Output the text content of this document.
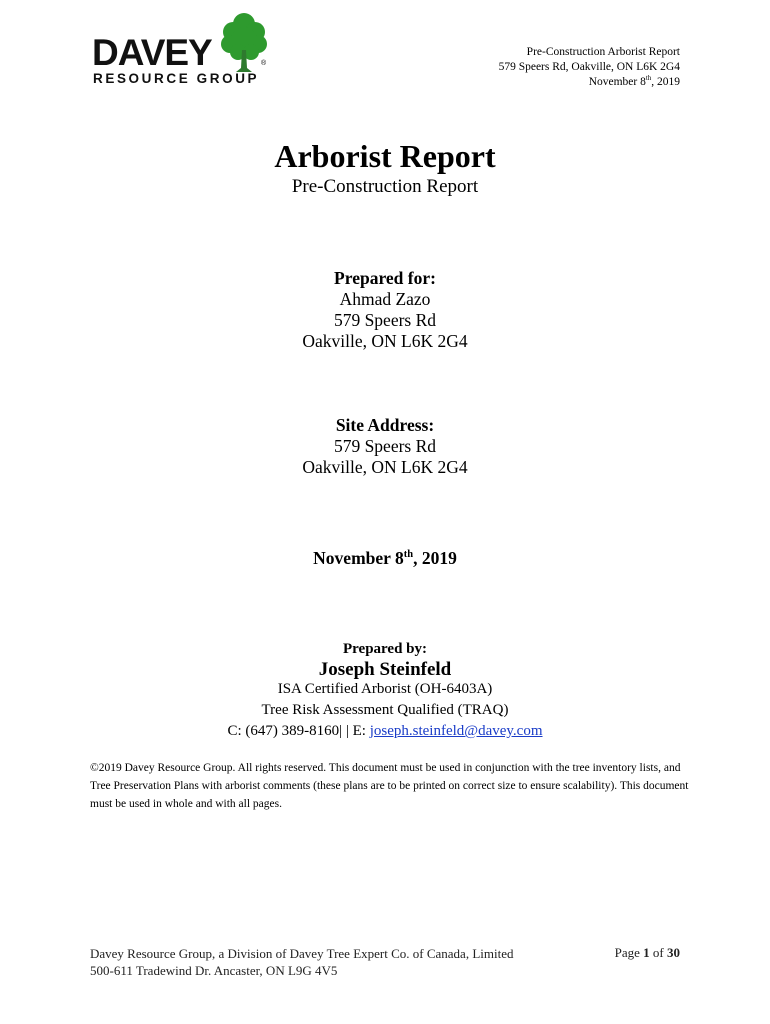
DAVEY	®
RESOURCE GROUP
Pre-Construction Arborist Report
579 Speers Rd, Oakville, ON L6K 2G4
November 8th, 2019
Arborist Report
Pre-Construction Report
Prepared for:
Ahmad Zazo
579 Speers Rd
Oakville, ON L6K 2G4
Site Address:
579 Speers Rd
Oakville, ON L6K 2G4
November 8th, 2019
Prepared by:
Joseph Steinfeld
ISA Certified Arborist (OH-6403A)
Tree Risk Assessment Qualified (TRAQ)
C: (647) 389-8160| | E: joseph.steinfeld@davey.com
©2019 Davey Resource Group. All rights reserved. This document must be used in conjunction with the tree inventory lists, and Tree Preservation Plans with arborist comments (these plans are to be printed on correct size to ensure scalability). This document must be used in whole and with all pages.
Davey Resource Group, a Division of Davey Tree Expert Co. of Canada, Limited
500-611 Tradewind Dr. Ancaster, ON L9G 4V5
Page 1 of 30
